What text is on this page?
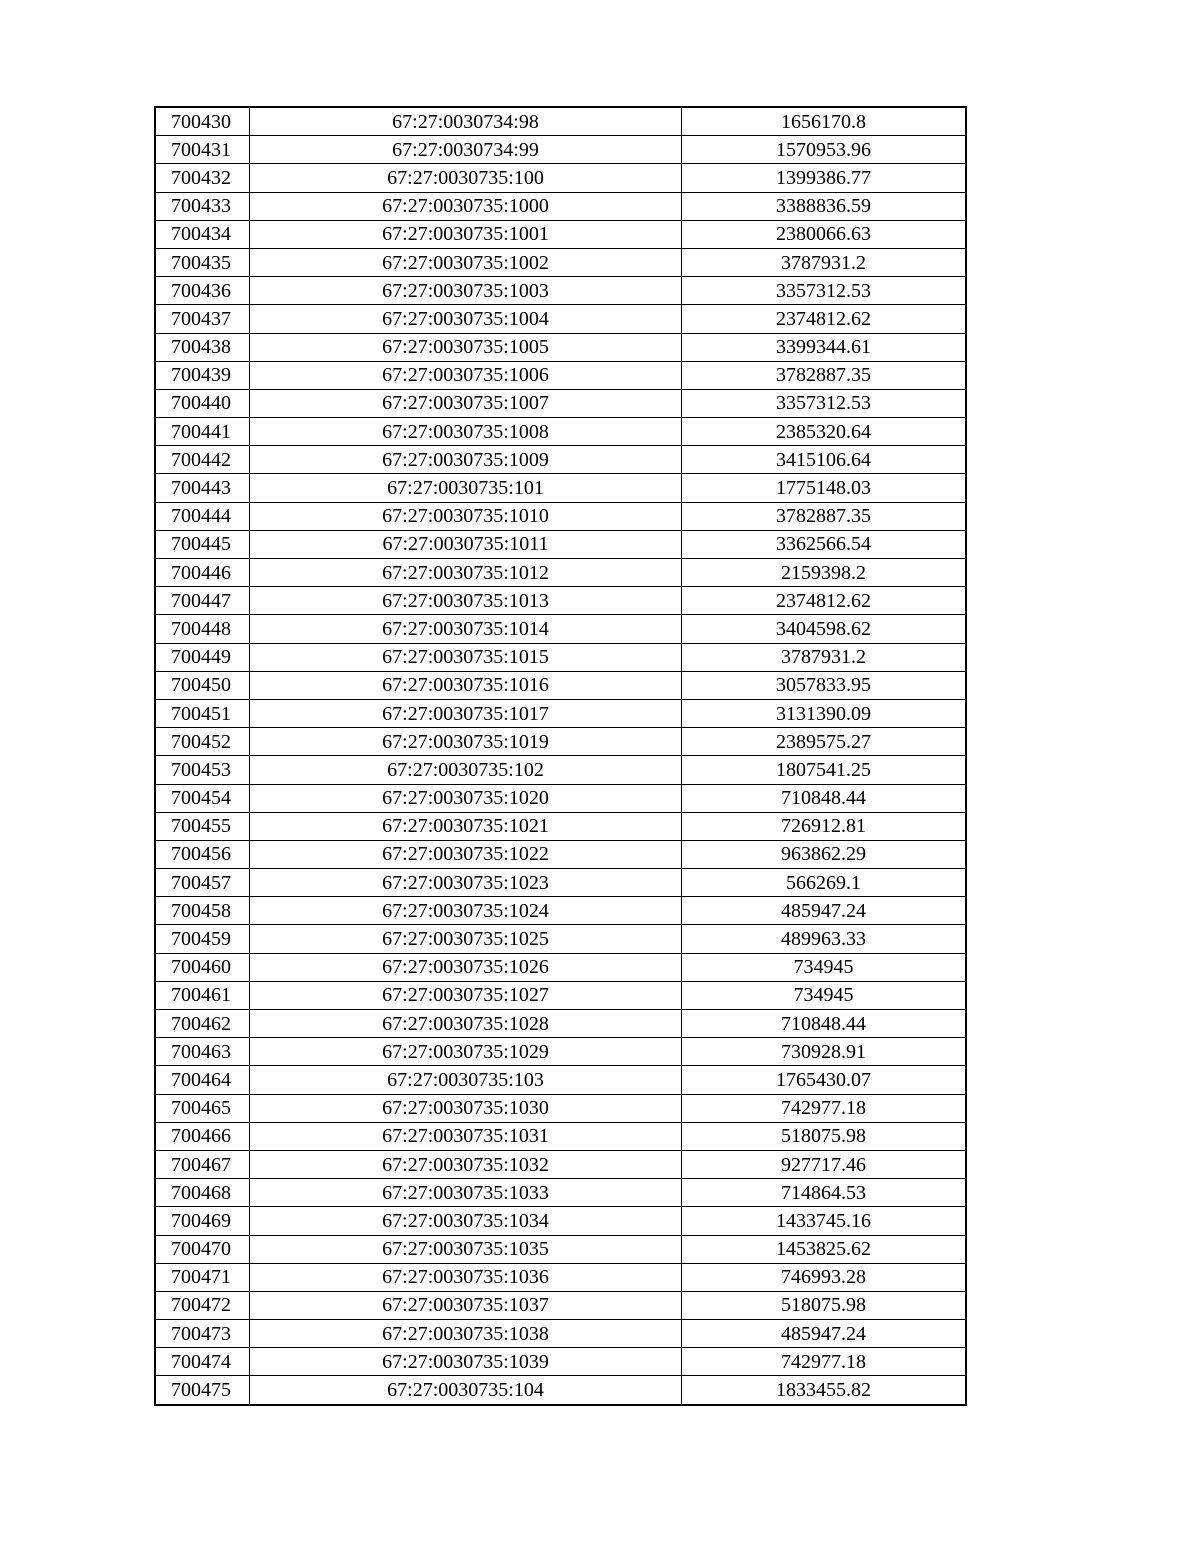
700430	67:27:0030734:98	1656170.8
700431	67:27:0030734:99	1570953.96
700432	67:27:0030735:100	1399386.77
700433	67:27:0030735:1000	3388836.59
700434	67:27:0030735:1001	2380066.63
700435	67:27:0030735:1002	3787931.2
700436	67:27:0030735:1003	3357312.53
700437	67:27:0030735:1004	2374812.62
700438	67:27:0030735:1005	3399344.61
700439	67:27:0030735:1006	3782887.35
700440	67:27:0030735:1007	3357312.53
700441	67:27:0030735:1008	2385320.64
700442	67:27:0030735:1009	3415106.64
700443	67:27:0030735:101	1775148.03
700444	67:27:0030735:1010	3782887.35
700445	67:27:0030735:1011	3362566.54
700446	67:27:0030735:1012	2159398.2
700447	67:27:0030735:1013	2374812.62
700448	67:27:0030735:1014	3404598.62
700449	67:27:0030735:1015	3787931.2
700450	67:27:0030735:1016	3057833.95
700451	67:27:0030735:1017	3131390.09
700452	67:27:0030735:1019	2389575.27
700453	67:27:0030735:102	1807541.25
700454	67:27:0030735:1020	710848.44
700455	67:27:0030735:1021	726912.81
700456	67:27:0030735:1022	963862.29
700457	67:27:0030735:1023	566269.1
700458	67:27:0030735:1024	485947.24
700459	67:27:0030735:1025	489963.33
700460	67:27:0030735:1026	734945
700461	67:27:0030735:1027	734945
700462	67:27:0030735:1028	710848.44
700463	67:27:0030735:1029	730928.91
700464	67:27:0030735:103	1765430.07
700465	67:27:0030735:1030	742977.18
700466	67:27:0030735:1031	518075.98
700467	67:27:0030735:1032	927717.46
700468	67:27:0030735:1033	714864.53
700469	67:27:0030735:1034	1433745.16
700470	67:27:0030735:1035	1453825.62
700471	67:27:0030735:1036	746993.28
700472	67:27:0030735:1037	518075.98
700473	67:27:0030735:1038	485947.24
700474	67:27:0030735:1039	742977.18
700475	67:27:0030735:104	1833455.82
